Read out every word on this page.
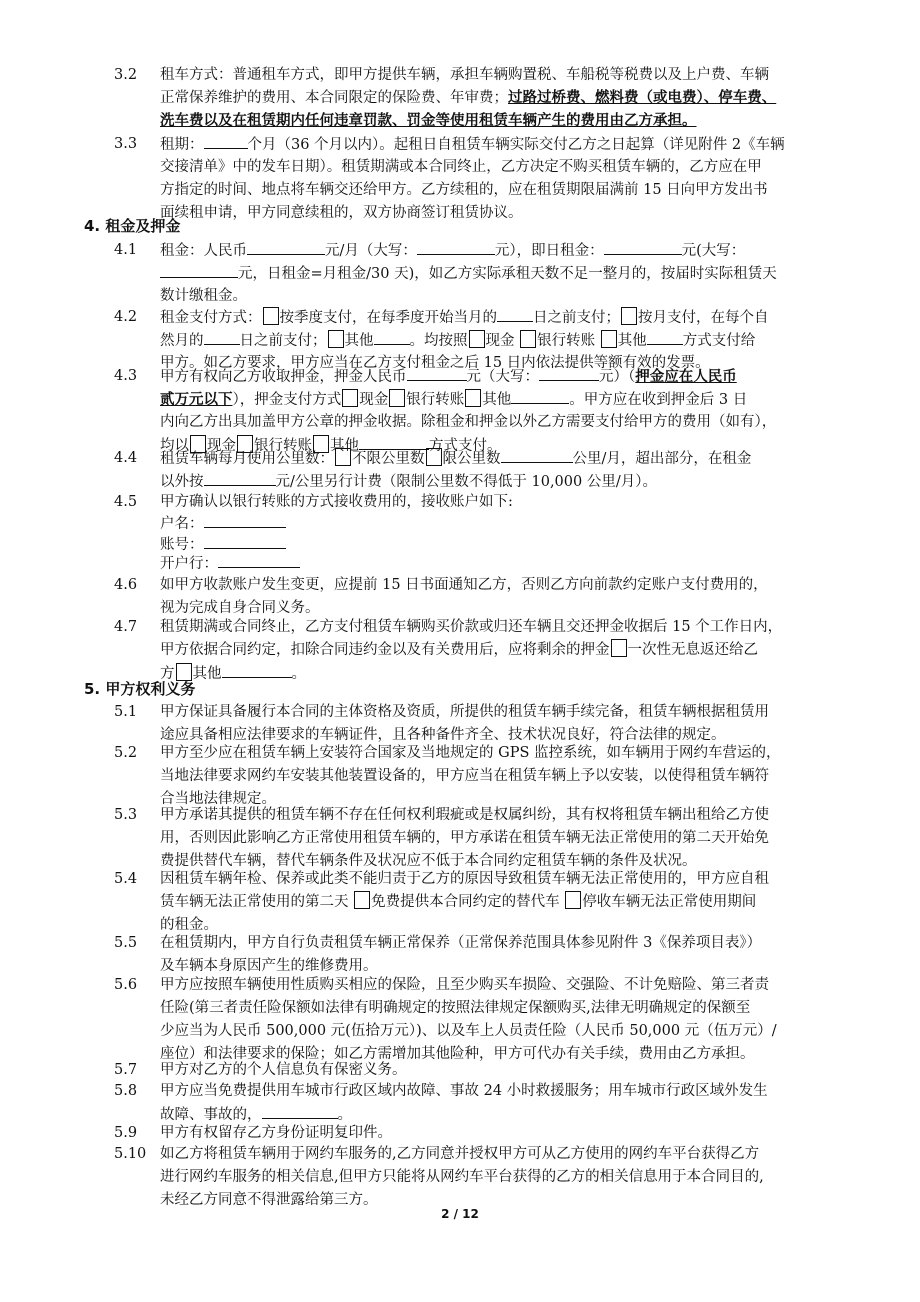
3.2 租车方式：普通租车方式，即甲方提供车辆，承担车辆购置税、车船税等税费以及上户费、车辆
正常保养维护的费用、本合同限定的保险费、年审费；过路过桥费、燃料费（或电费）、停车费、
洗车费以及在租赁期内任何违章罚款、罚金等使用租赁车辆产生的费用由乙方承担。
3.3 租期：	个月（36 个月以内）。起租日自租赁车辆实际交付乙方之日起算（详见附件 2《车辆
交接清单》中的发车日期）。租赁期满或本合同终止，乙方决定不购买租赁车辆的，乙方应在甲
方指定的时间、地点将车辆交还给甲方。乙方续租的，应在租赁期限届满前 15 日向甲方发出书
面续租申请，甲方同意续租的，双方协商签订租赁协议。
4. 租金及押金
4.1 租金：人民币	元/月（大写：	元），即日租金：	元(大写：
元，日租金=月租金/30 天)，如乙方实际承租天数不足一整月的，按届时实际租赁天
数计缴租金。
4.2 租金支付方式： 按季度支付，在每季度开始当月的 日之前支付； 按月支付，在每个自
然月的 日之前支付； 其他 。均按照 现金 银行转账 其他 方式支付给
甲方。如乙方要求，甲方应当在乙方支付租金之后 15 日内依法提供等额有效的发票。
4.3 甲方有权向乙方收取押金，押金人民币	元（大写：	元）（押金应在人民币
贰万元以下），押金支付方式 现金 银行转账 其他	。甲方应在收到押金后 3 日
内向乙方出具加盖甲方公章的押金收据。除租金和押金以外乙方需要支付给甲方的费用（如有），
均以 现金 银行转账 其他	方式支付。
4.4 租赁车辆每月使用公里数： 不限公里数 限公里数	公里/月，超出部分，在租金
以外按	元/公里另行计费（限制公里数不得低于 10,000 公里/月）。
4.5 甲方确认以银行转账的方式接收费用的，接收账户如下:
户名：
账号：
开户行：
4.6 如甲方收款账户发生变更，应提前 15 日书面通知乙方，否则乙方向前款约定账户支付费用的，
视为完成自身合同义务。
4.7 租赁期满或合同终止，乙方支付租赁车辆购买价款或归还车辆且交还押金收据后 15 个工作日内，
甲方依据合同约定，扣除合同违约金以及有关费用后，应将剩余的押金 一次性无息返还给乙
方 其他	。
5. 甲方权利义务
5.1 甲方保证具备履行本合同的主体资格及资质，所提供的租赁车辆手续完备，租赁车辆根据租赁用
途应具备相应法律要求的车辆证件，且各种备件齐全、技术状况良好，符合法律的规定。
5.2 甲方至少应在租赁车辆上安装符合国家及当地规定的 GPS 监控系统，如车辆用于网约车营运的，
当地法律要求网约车安装其他装置设备的，甲方应当在租赁车辆上予以安装，以使得租赁车辆符
合当地法律规定。
5.3 甲方承诺其提供的租赁车辆不存在任何权利瑕疵或是权属纠纷，其有权将租赁车辆出租给乙方使
用，否则因此影响乙方正常使用租赁车辆的，甲方承诺在租赁车辆无法正常使用的第二天开始免
费提供替代车辆，替代车辆条件及状况应不低于本合同约定租赁车辆的条件及状况。
5.4 因租赁车辆年检、保养或此类不能归责于乙方的原因导致租赁车辆无法正常使用的，甲方应自租
赁车辆无法正常使用的第二天 免费提供本合同约定的替代车 停收车辆无法正常使用期间
的租金。
5.5 在租赁期内，甲方自行负责租赁车辆正常保养（正常保养范围具体参见附件 3《保养项目表》）
及车辆本身原因产生的维修费用。
5.6 甲方应按照车辆使用性质购买相应的保险，且至少购买车损险、交强险、不计免赔险、第三者责
任险(第三者责任险保额如法律有明确规定的按照法律规定保额购买,法律无明确规定的保额至
少应当为人民币 500,000 元(伍拾万元）)、以及车上人员责任险（人民币 50,000 元（伍万元）/
座位）和法律要求的保险；如乙方需增加其他险种，甲方可代办有关手续，费用由乙方承担。
5.7 甲方对乙方的个人信息负有保密义务。
5.8 甲方应当免费提供用车城市行政区域内故障、事故 24 小时救援服务；用车城市行政区域外发生
故障、事故的，	。
5.9 甲方有权留存乙方身份证明复印件。
5.10 如乙方将租赁车辆用于网约车服务的,乙方同意并授权甲方可从乙方使用的网约车平台获得乙方
进行网约车服务的相关信息,但甲方只能将从网约车平台获得的乙方的相关信息用于本合同目的,
未经乙方同意不得泄露给第三方。
2 / 12
